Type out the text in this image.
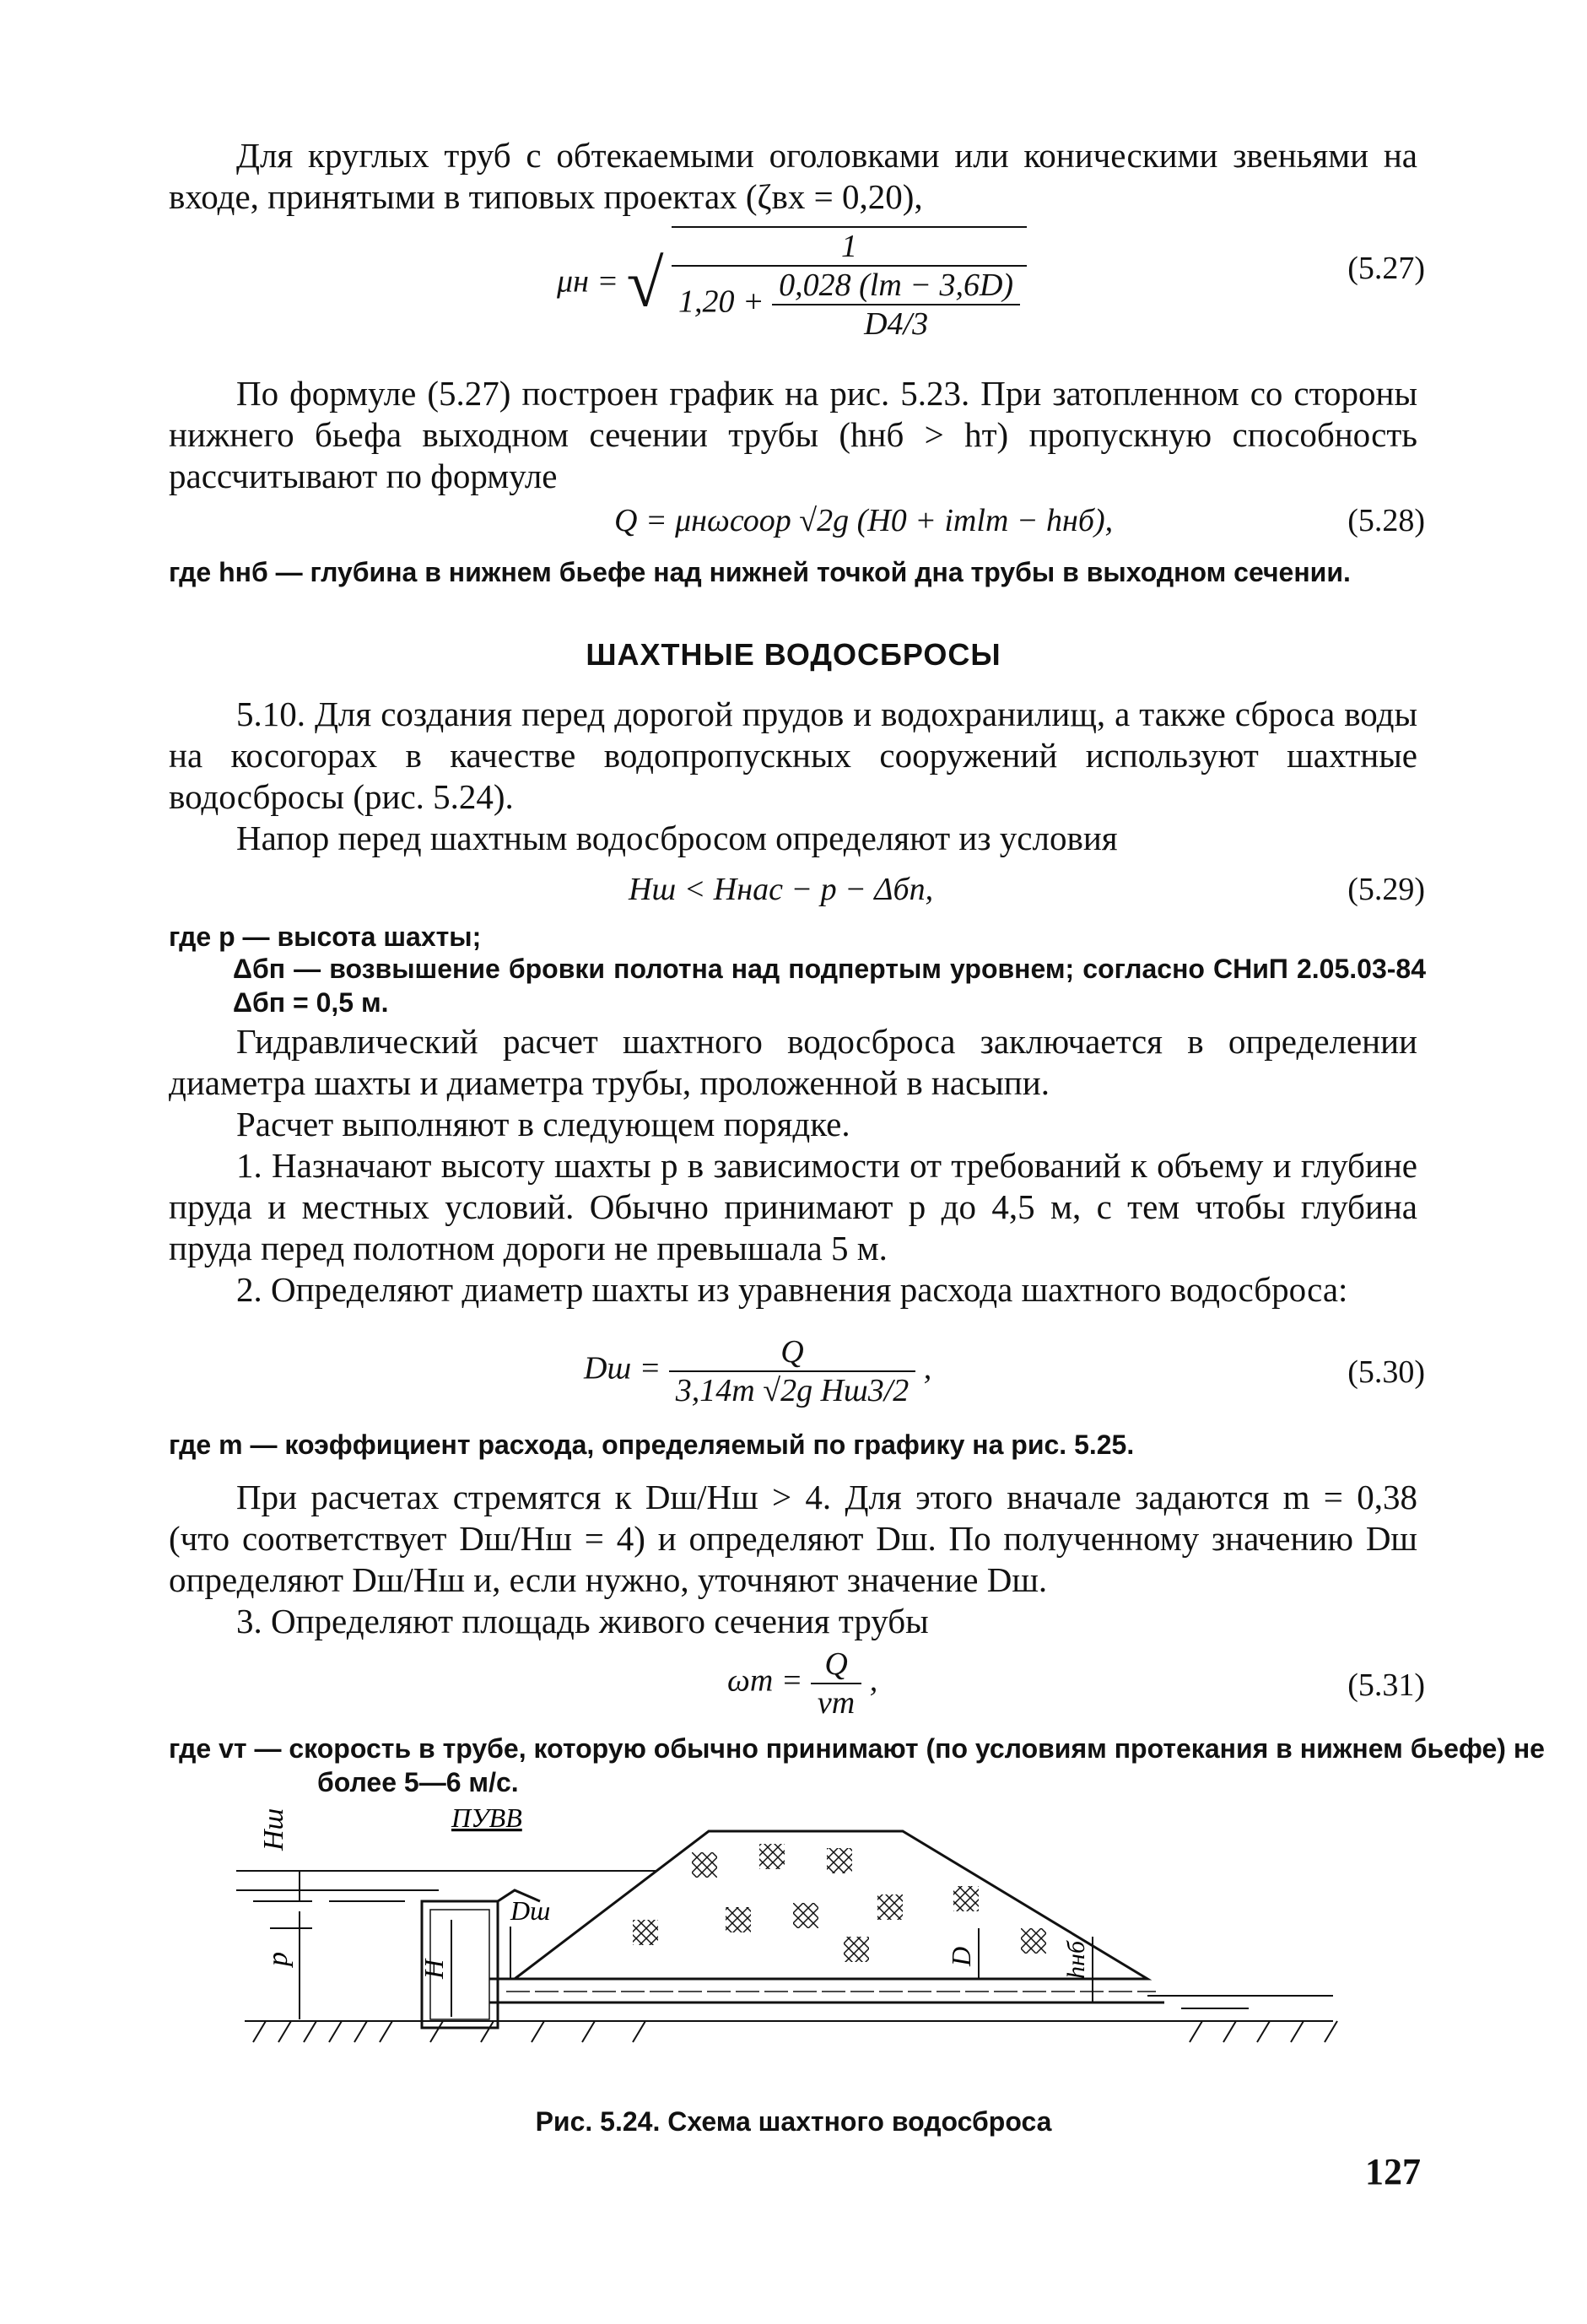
Для круглых труб с обтекаемыми оголовками или коническими звеньями на входе, принятыми в типовых проектах (ζвх = 0,20),

μн = √ $\frac{1}{1,20 + \frac{0,028 (lт - 3,6D)}{D4/3}}$	(5.27)

По формуле (5.27) построен график на рис. 5.23. При затопленном со стороны нижнего бьефа выходном сечении трубы (hнб > hт) пропускную способность рассчитывают по формуле

Q = μнωсоор √2g (H0 + iтlт − hнб),	(5.28)

где hнб — глубина в нижнем бьефе над нижней точкой дна трубы в выходном сечении.

ШАХТНЫЕ ВОДОСБРОСЫ

5.10. Для создания перед дорогой прудов и водохранилищ, а также сброса воды на косогорах в качестве водопропускных сооружений используют шахтные водосбросы (рис. 5.24).

Напор перед шахтным водосбросом определяют из условия

Hш < Hнас − p − Δбп,	(5.29)

где p — высота шахты;

Δбп — возвышение бровки полотна над подпертым уровнем; согласно СНиП 2.05.03-84 Δбп = 0,5 м.

Гидравлический расчет шахтного водосброса заключается в определении диаметра шахты и диаметра трубы, проложенной в насыпи.

Расчет выполняют в следующем порядке.

1. Назначают высоту шахты p в зависимости от требований к объему и глубине пруда и местных условий. Обычно принимают p до 4,5 м, с тем чтобы глубина пруда перед полотном дороги не превышала 5 м.

2. Определяют диаметр шахты из уравнения расхода шахтного водосброса:

Dш = $\frac{Q}{\text{3,14m √2g Hш3/2}}$ ,	(5.30)

где m — коэффициент расхода, определяемый по графику на рис. 5.25.

При расчетах стремятся к Dш/Hш > 4. Для этого вначале задаются m = 0,38 (что соответствует Dш/Hш = 4) и определяют Dш. По полученному значению Dш определяют Dш/Hш и, если нужно, уточняют значение Dш.

3. Определяют площадь живого сечения трубы

$\omega т = \frac{Q}{vт}$ ,	(5.31)

где vт — скорость в трубе, которую обычно принимают (по условиям протекания в нижнем бьефе) не более 5—6 м/с.

Hш	ПУВВ
Dш
p
H
D	hнб
Рис. 5.24. Схема шахтного водосброса
127
